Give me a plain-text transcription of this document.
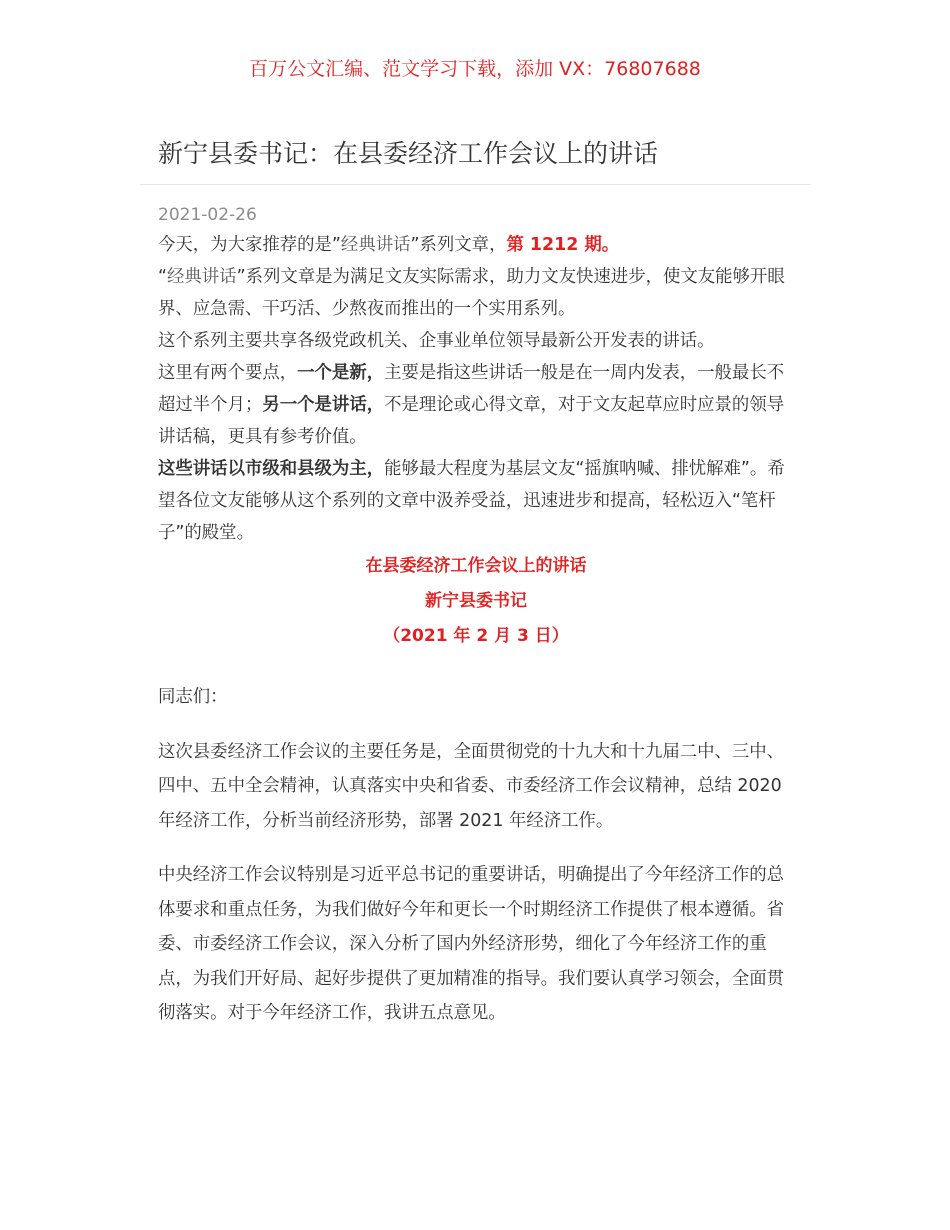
百万公文汇编、范文学习下载，添加 VX：76807688
新宁县委书记：在县委经济工作会议上的讲话
2021-02-26

今天，为大家推荐的是”经典讲话”系列文章，第 1212 期。

“经典讲话”系列文章是为满足文友实际需求，助力文友快速进步，使文友能够开眼界、应急需、干巧活、少熬夜而推出的一个实用系列。

这个系列主要共享各级党政机关、企事业单位领导最新公开发表的讲话。

这里有两个要点，一个是新，主要是指这些讲话一般是在一周内发表，一般最长不超过半个月；另一个是讲话，不是理论或心得文章，对于文友起草应时应景的领导讲话稿，更具有参考价值。

这些讲话以市级和县级为主，能够最大程度为基层文友“摇旗呐喊、排忧解难”。希望各位文友能够从这个系列的文章中汲养受益，迅速进步和提高，轻松迈入“笔杆子”的殿堂。

在县委经济工作会议上的讲话
新宁县委书记
（2021 年 2 月 3 日）

同志们：

这次县委经济工作会议的主要任务是，全面贯彻党的十九大和十九届二中、三中、四中、五中全会精神，认真落实中央和省委、市委经济工作会议精神，总结 2020 年经济工作，分析当前经济形势，部署 2021 年经济工作。

中央经济工作会议特别是习近平总书记的重要讲话，明确提出了今年经济工作的总体要求和重点任务，为我们做好今年和更长一个时期经济工作提供了根本遵循。省委、市委经济工作会议，深入分析了国内外经济形势，细化了今年经济工作的重点，为我们开好局、起好步提供了更加精准的指导。我们要认真学习领会，全面贯彻落实。对于今年经济工作，我讲五点意见。
